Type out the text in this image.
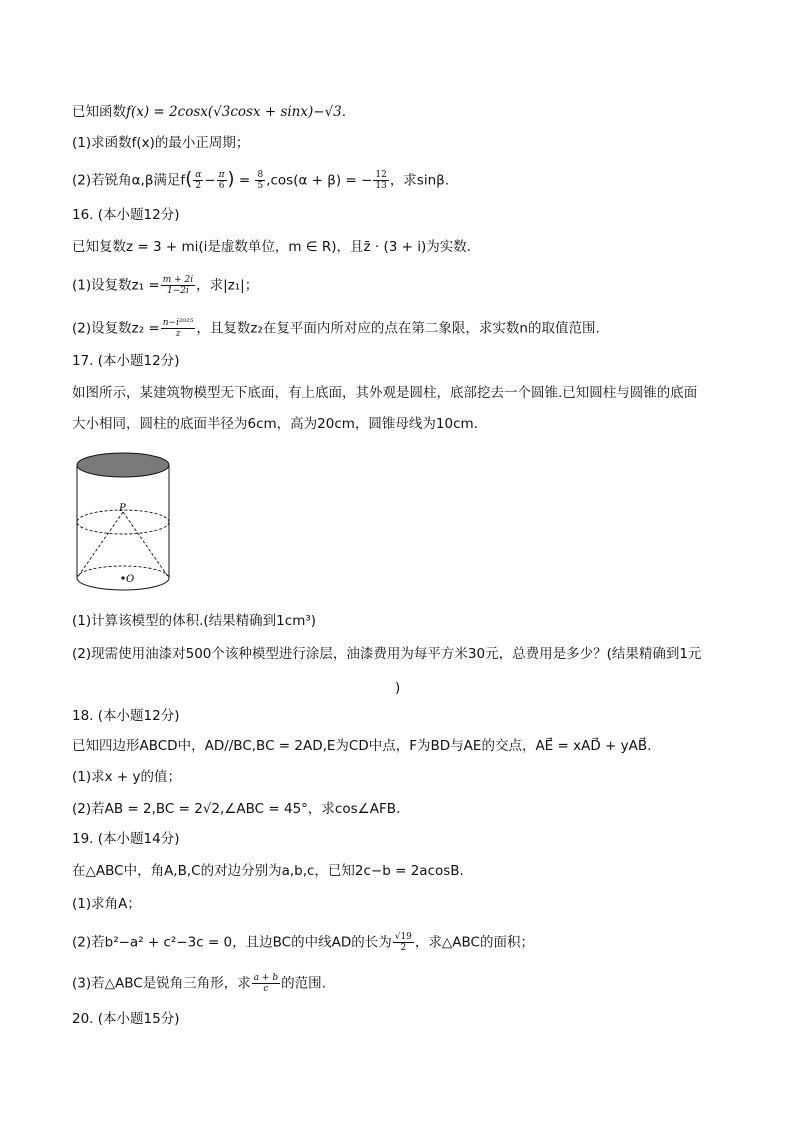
已知函数f(x) = 2cosx(√3cosx + sinx)−√3.
(1)求函数f(x)的最小正周期；
(2)若锐角α,β满足$f( \frac{\alpha}{2} - \frac{\pi}{6}$ ) = $\frac{8}{5} ,\cos(\alpha + \beta)$ = − $\frac{12}{13}$ ，求sinβ.
16. (本小题12分)
已知复数z = 3 + mi(i是虚数单位，m ∈ R)，且z̄ · (3 + i)为实数.
(1)设复数$z_1 = \frac{m + 2i}{1-2i}$ ，求|z₁|；
(2)设复数$z_2 = \frac{\text{n−i²⁰²⁵}}{z}$ ，且复数z₂在复平面内所对应的点在第二象限，求实数n的取值范围.
17. (本小题12分)
如图所示，某建筑物模型无下底面，有上底面，其外观是圆柱，底部挖去一个圆锥.已知圆柱与圆锥的底面
大小相同，圆柱的底面半径为6cm，高为20cm，圆锥母线为10cm.
P
O
(1)计算该模型的体积.(结果精确到1cm³)
(2)现需使用油漆对500个该种模型进行涂层，油漆费用为每平方米30元，总费用是多少？(结果精确到1元
)
18. (本小题12分)
已知四边形ABCD中，AD//BC,BC = 2AD,E为CD中点，F为BD与AE的交点，AE⃗ = xAD⃗ + yAB⃗.
(1)求x + y的值；
(2)若AB = 2,BC = 2√2,∠ABC = 45°，求cos∠AFB.
19. (本小题14分)
在△ABC中，角A,B,C的对边分别为a,b,c，已知2c−b = 2acosB.
(1)求角A；
(2)若b²−a² + c²−3c = 0，且边BC的中线AD的长为 $\frac{√19}{2}$ ，求△ABC的面积；
(3)若△ABC是锐角三角形，求 $\frac{a + b}{c}$ 的范围.
20. (本小题15分)
